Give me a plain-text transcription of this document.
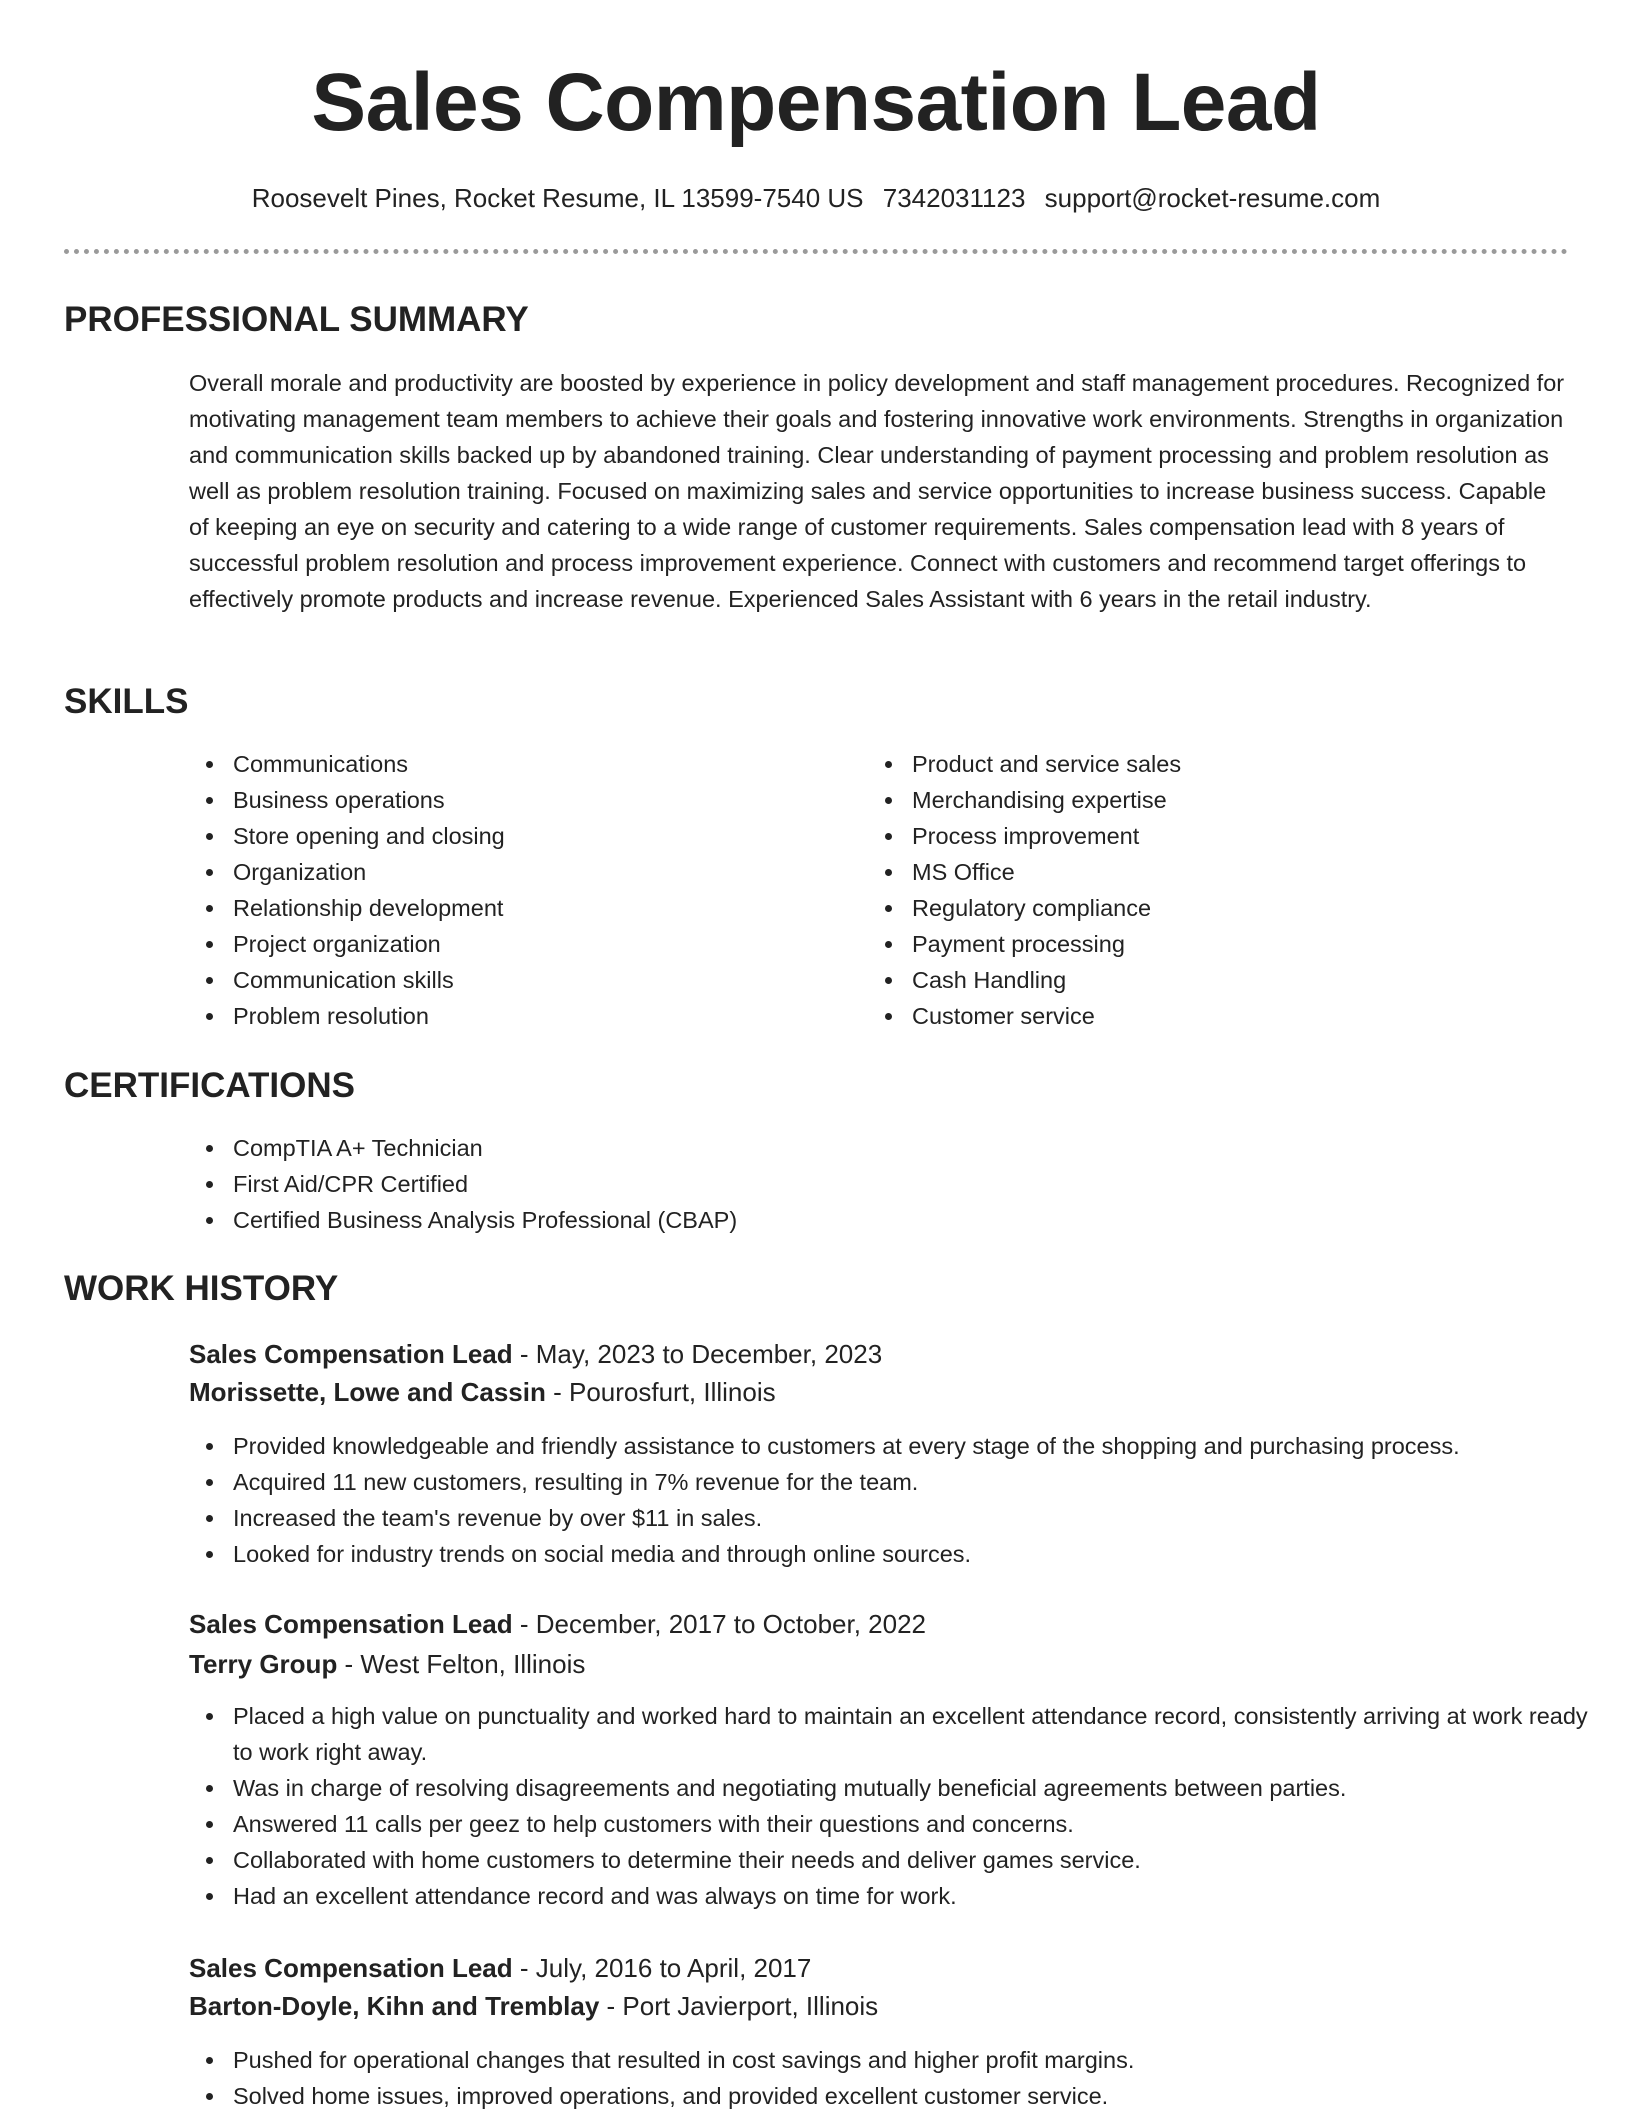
Sales Compensation Lead
Roosevelt Pines, Rocket Resume, IL 13599-7540 US 7342031123 support@rocket-resume.com
PROFESSIONAL SUMMARY

Overall morale and productivity are boosted by experience in policy development and staff management procedures. Recognized for motivating management team members to achieve their goals and fostering innovative work environments. Strengths in organization and communication skills backed up by abandoned training. Clear understanding of payment processing and problem resolution as well as problem resolution training. Focused on maximizing sales and service opportunities to increase business success. Capable of keeping an eye on security and catering to a wide range of customer requirements. Sales compensation lead with 8 years of successful problem resolution and process improvement experience. Connect with customers and recommend target offerings to effectively promote products and increase revenue. Experienced Sales Assistant with 6 years in the retail industry.

SKILLS
Communications
Business operations
Store opening and closing
Organization
Relationship development
Project organization
Communication skills
Problem resolution
Product and service sales
Merchandising expertise
Process improvement
MS Office
Regulatory compliance
Payment processing
Cash Handling
Customer service
CERTIFICATIONS
CompTIA A+ Technician
First Aid/CPR Certified
Certified Business Analysis Professional (CBAP)
WORK HISTORY
Sales Compensation Lead - May, 2023 to December, 2023
Morissette, Lowe and Cassin - Pourosfurt, Illinois
Provided knowledgeable and friendly assistance to customers at every stage of the shopping and purchasing process.
Acquired 11 new customers, resulting in 7% revenue for the team.
Increased the team's revenue by over $11 in sales.
Looked for industry trends on social media and through online sources.
Sales Compensation Lead - December, 2017 to October, 2022
Terry Group - West Felton, Illinois
Placed a high value on punctuality and worked hard to maintain an excellent attendance record, consistently arriving at work ready to work right away.
Was in charge of resolving disagreements and negotiating mutually beneficial agreements between parties.
Answered 11 calls per geez to help customers with their questions and concerns.
Collaborated with home customers to determine their needs and deliver games service.
Had an excellent attendance record and was always on time for work.
Sales Compensation Lead - July, 2016 to April, 2017
Barton-Doyle, Kihn and Tremblay - Port Javierport, Illinois
Pushed for operational changes that resulted in cost savings and higher profit margins.
Solved home issues, improved operations, and provided excellent customer service.
